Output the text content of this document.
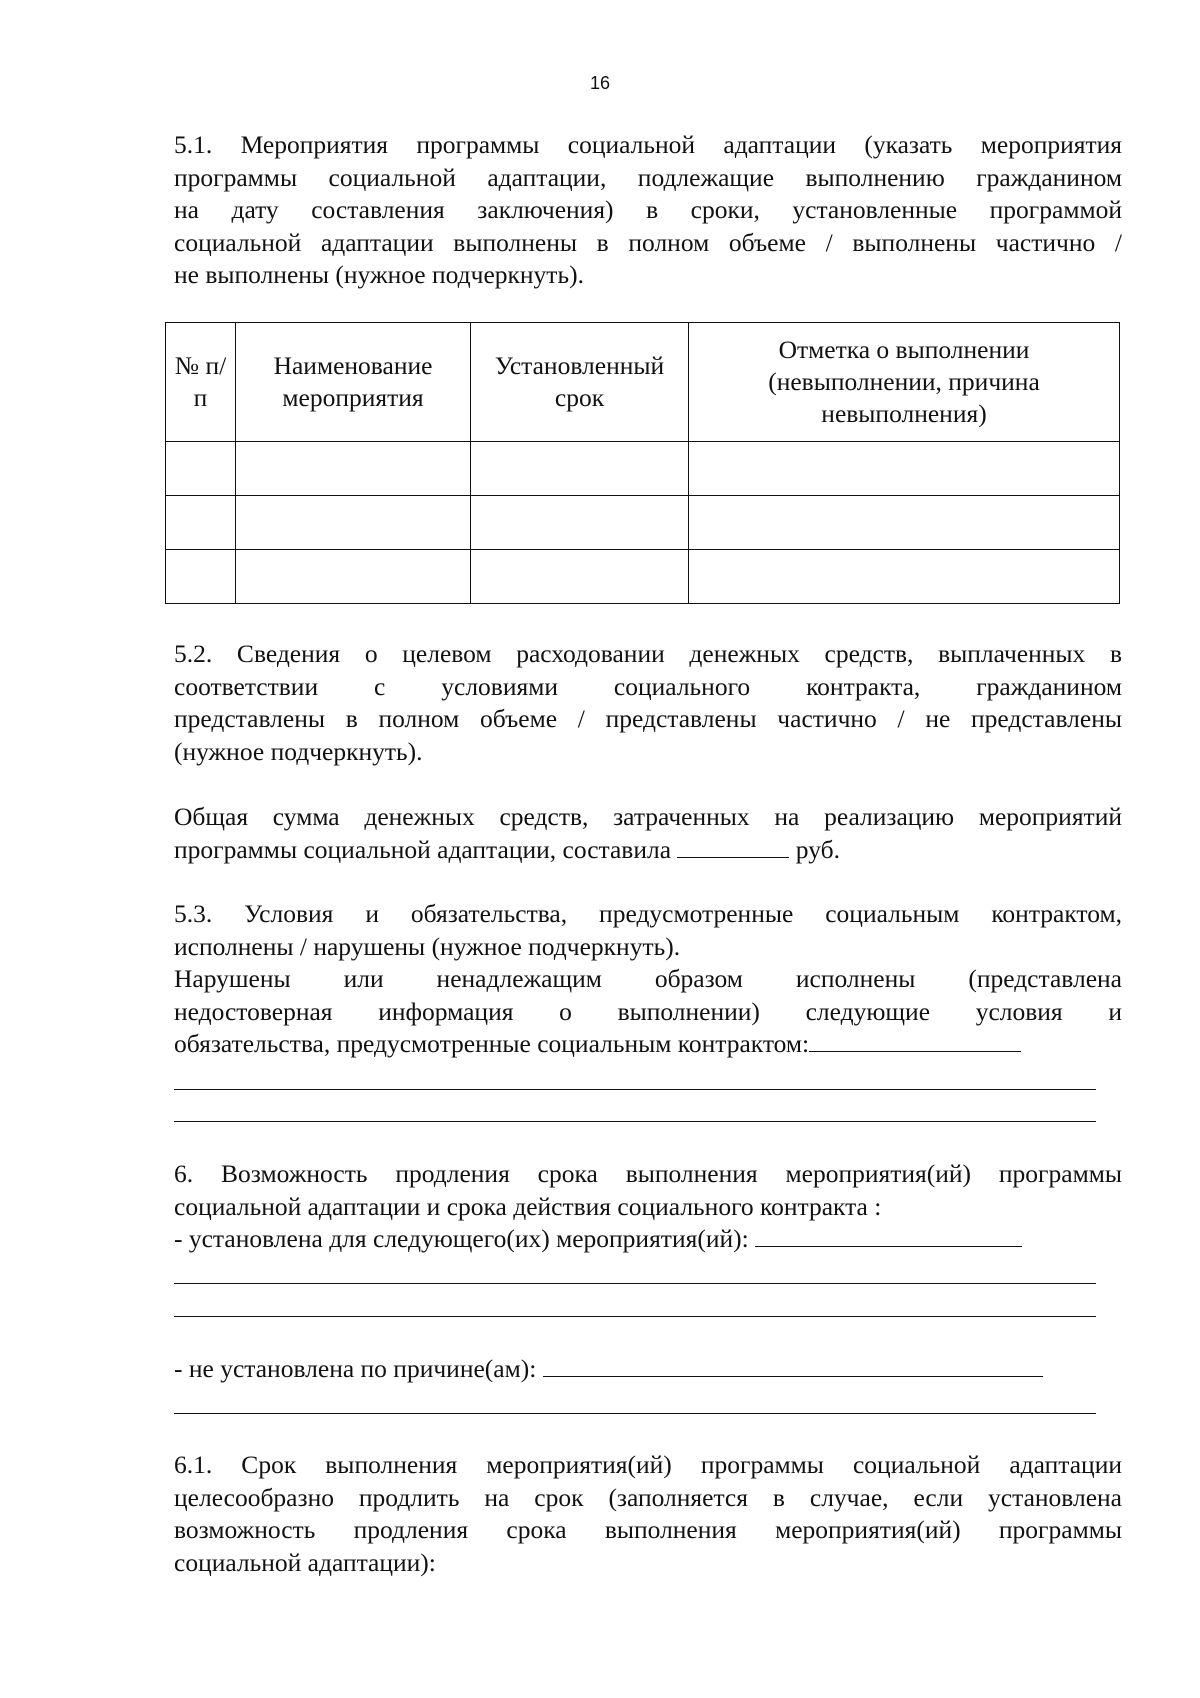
16
5.1. Мероприятия программы социальной адаптации (указать мероприятия
программы социальной адаптации, подлежащие выполнению гражданином
на дату составления заключения) в сроки, установленные программой
социальной адаптации выполнены в полном объеме / выполнены частично /
не выполнены (нужное подчеркнуть).
№ п/п	Наименование мероприятия	Установленный срок	Отметка о выполнении (невыполнении, причина невыполнения)

5.2. Сведения о целевом расходовании денежных средств, выплаченных в
соответствии с условиями социального контракта, гражданином
представлены в полном объеме / представлены частично / не представлены
(нужное подчеркнуть).
Общая сумма денежных средств, затраченных на реализацию мероприятий
программы социальной адаптации, составила	руб.
5.3. Условия и обязательства, предусмотренные социальным контрактом,
исполнены / нарушены (нужное подчеркнуть).
Нарушены или ненадлежащим образом исполнены (представлена
недостоверная информация о выполнении) следующие условия и
обязательства, предусмотренные социальным контрактом:
6. Возможность продления срока выполнения мероприятия(ий) программы
социальной адаптации и срока действия социального контракта :
- установлена для следующего(их) мероприятия(ий):
- не установлена по причине(ам):
6.1. Срок выполнения мероприятия(ий) программы социальной адаптации
целесообразно продлить на срок (заполняется в случае, если установлена
возможность продления срока выполнения мероприятия(ий) программы
социальной адаптации):
